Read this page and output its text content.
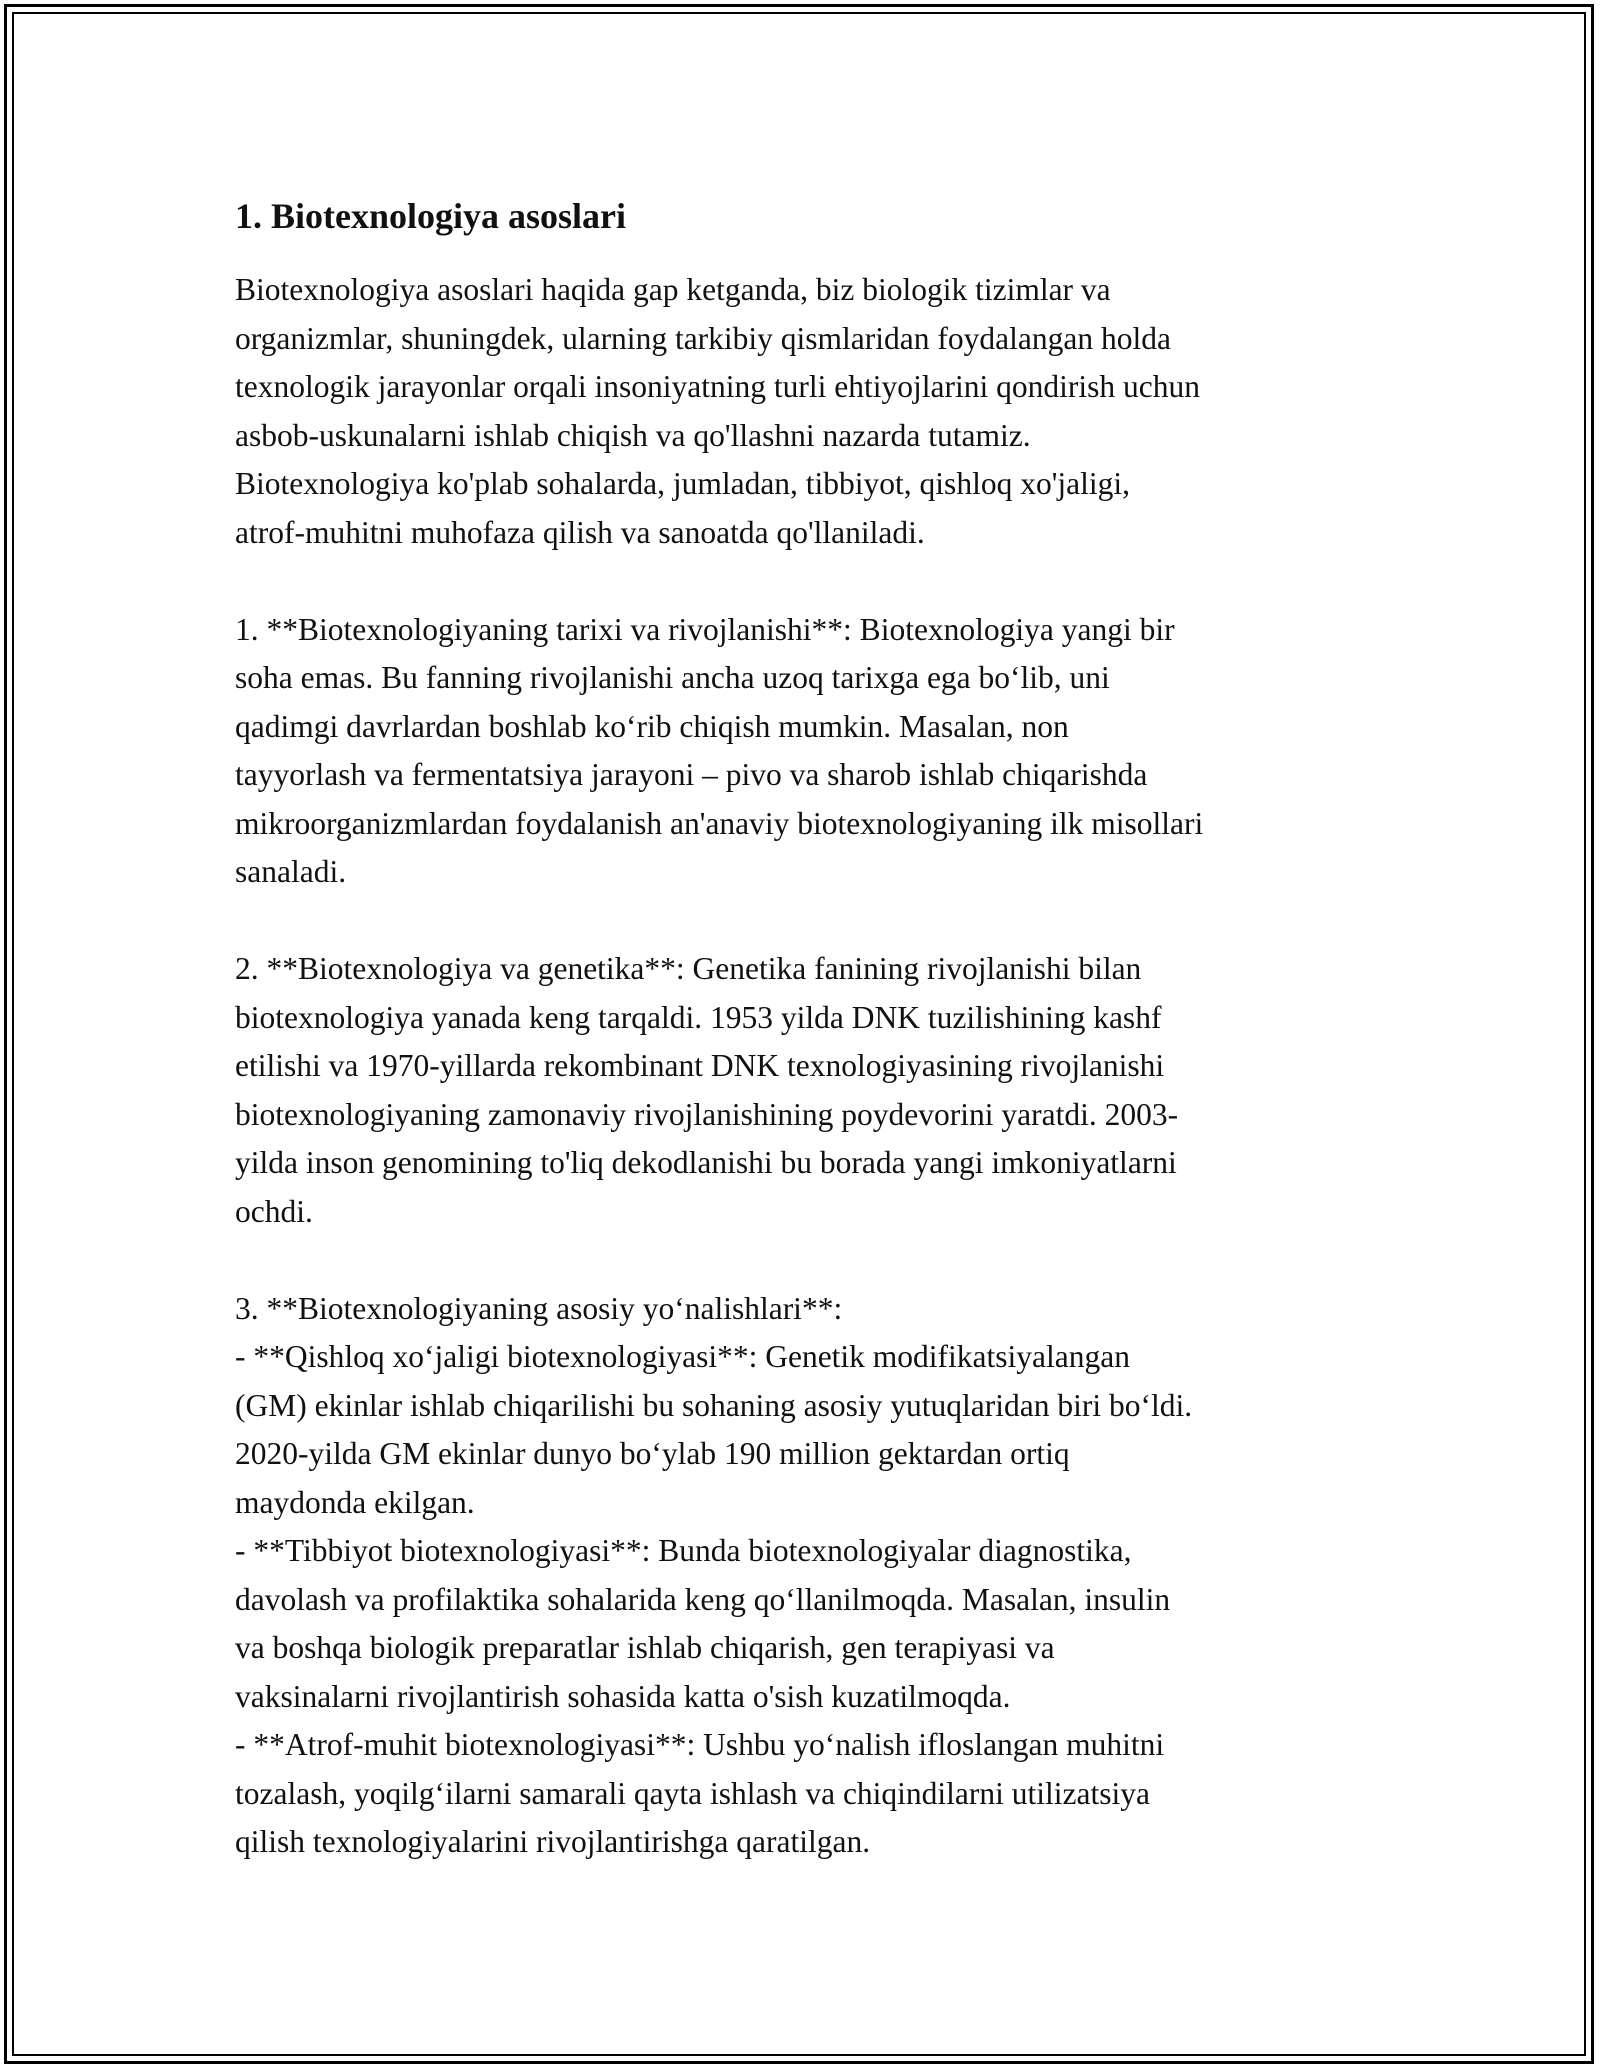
1. Biotexnologiya asoslari

Biotexnologiya asoslari haqida gap ketganda, biz biologik tizimlar va
organizmlar, shuningdek, ularning tarkibiy qismlaridan foydalangan holda
texnologik jarayonlar orqali insoniyatning turli ehtiyojlarini qondirish uchun
asbob-uskunalarni ishlab chiqish va qo'llashni nazarda tutamiz.
Biotexnologiya ko'plab sohalarda, jumladan, tibbiyot, qishloq xo'jaligi,
atrof-muhitni muhofaza qilish va sanoatda qo'llaniladi.

1. **Biotexnologiyaning tarixi va rivojlanishi**: Biotexnologiya yangi bir
soha emas. Bu fanning rivojlanishi ancha uzoq tarixga ega bo‘lib, uni
qadimgi davrlardan boshlab ko‘rib chiqish mumkin. Masalan, non
tayyorlash va fermentatsiya jarayoni – pivo va sharob ishlab chiqarishda
mikroorganizmlardan foydalanish an'anaviy biotexnologiyaning ilk misollari
sanaladi.

2. **Biotexnologiya va genetika**: Genetika fanining rivojlanishi bilan
biotexnologiya yanada keng tarqaldi. 1953 yilda DNK tuzilishining kashf
etilishi va 1970-yillarda rekombinant DNK texnologiyasining rivojlanishi
biotexnologiyaning zamonaviy rivojlanishining poydevorini yaratdi. 2003-
yilda inson genomining to'liq dekodlanishi bu borada yangi imkoniyatlarni
ochdi.

3. **Biotexnologiyaning asosiy yo‘nalishlari**:
- **Qishloq xo‘jaligi biotexnologiyasi**: Genetik modifikatsiyalangan
(GM) ekinlar ishlab chiqarilishi bu sohaning asosiy yutuqlaridan biri bo‘ldi.
2020-yilda GM ekinlar dunyo bo‘ylab 190 million gektardan ortiq
maydonda ekilgan.
- **Tibbiyot biotexnologiyasi**: Bunda biotexnologiyalar diagnostika,
davolash va profilaktika sohalarida keng qo‘llanilmoqda. Masalan, insulin
va boshqa biologik preparatlar ishlab chiqarish, gen terapiyasi va
vaksinalarni rivojlantirish sohasida katta o'sish kuzatilmoqda.
- **Atrof-muhit biotexnologiyasi**: Ushbu yo‘nalish ifloslangan muhitni
tozalash, yoqilg‘ilarni samarali qayta ishlash va chiqindilarni utilizatsiya
qilish texnologiyalarini rivojlantirishga qaratilgan.
